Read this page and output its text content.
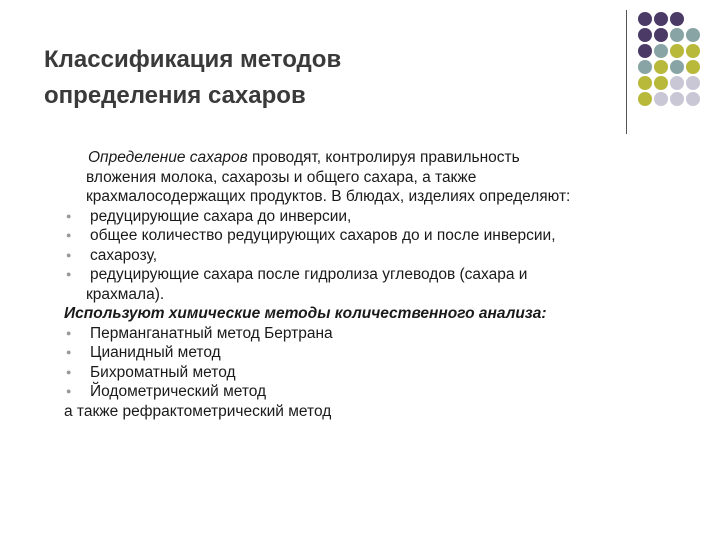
Классификация методов
определения сахаров

Определение сахаров проводят, контролируя правильность
вложения молока, сахарозы и общего сахара, а также
крахмалосодержащих продуктов. В блюдах, изделиях определяют:

●	редуцирующие сахара до инверсии,
●	общее количество редуцирующих сахаров до и после инверсии,
●	сахарозу,
●	редуцирующие сахара после гидролиза углеводов (сахара и
крахмала).
Используют химические методы количественного анализа:
●	Перманганатный метод Бертрана
●	Цианидный метод
●	Бихроматный метод
●	Йодометрический метод
а также рефрактометрический метод
